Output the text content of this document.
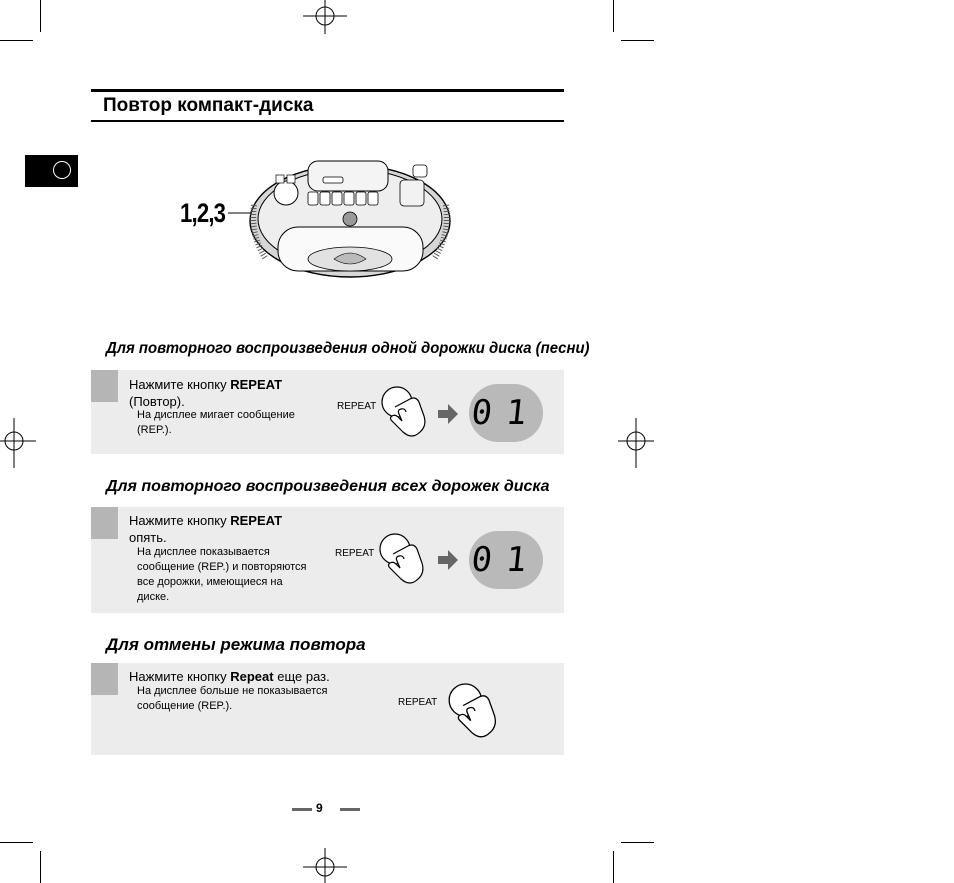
Повтор компакт-диска
1,2,3
Для повторного воспроизведения одной дорожки диска (песни)
Нажмите кнопку REPEAT
(Повтор).
На дисплее мигает сообщение
(REP.).
REPEAT	01
Для повторного воспроизведения всех дорожек диска
Нажмите кнопку REPEAT
опять.
На дисплее показывается
сообщение (REP.) и повторяются
все дорожки, имеющиеся на
диске.
REPEAT	01
Для отмены режима повтора
Нажмите кнопку Repeat еще раз.
На дисплее больше не показывается
сообщение (REP.).	REPEAT
9
